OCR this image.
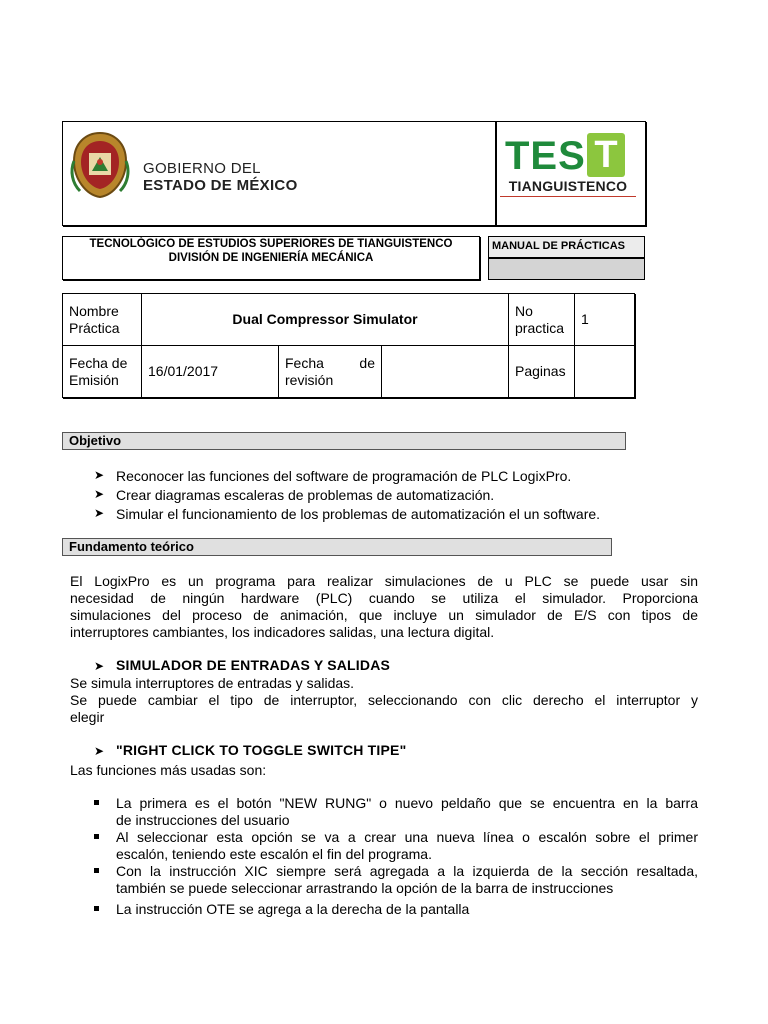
GOBIERNO DEL
ESTADO DE MÉXICO
TES T
TIANGUISTENCO
TECNOLÓGICO DE ESTUDIOS SUPERIORES DE TIANGUISTENCO
DIVISIÓN DE INGENIERÍA MECÁNICA
MANUAL DE PRÁCTICAS
Nombre Práctica	Dual Compressor Simulator			No practica	1
Fecha de Emisión	16/01/2017	Fecha de revisión		Paginas	
Objetivo
➤ Reconocer las funciones del software de programación de PLC LogixPro.
➤ Crear diagramas escaleras de problemas de automatización.
➤ Simular el funcionamiento de los problemas de automatización el un software.
Fundamento teórico
El LogixPro es un programa para realizar simulaciones de u PLC se puede usar sin
necesidad de ningún hardware (PLC) cuando se utiliza el simulador. Proporciona
simulaciones del proceso de animación, que incluye un simulador de E/S con tipos de
interruptores cambiantes, los indicadores salidas, una lectura digital.
➤ SIMULADOR DE ENTRADAS Y SALIDAS
Se simula interruptores de entradas y salidas.
Se puede cambiar el tipo de interruptor, seleccionando con clic derecho el interruptor y
elegir
➤ "RIGHT CLICK TO TOGGLE SWITCH TIPE"
Las funciones más usadas son:
La primera es el botón "NEW RUNG" o nuevo peldaño que se encuentra en la barra
de instrucciones del usuario
Al seleccionar esta opción se va a crear una nueva línea o escalón sobre el primer
escalón, teniendo este escalón el fin del programa.
Con la instrucción XIC siempre será agregada a la izquierda de la sección resaltada,
también se puede seleccionar arrastrando la opción de la barra de instrucciones
La instrucción OTE se agrega a la derecha de la pantalla
